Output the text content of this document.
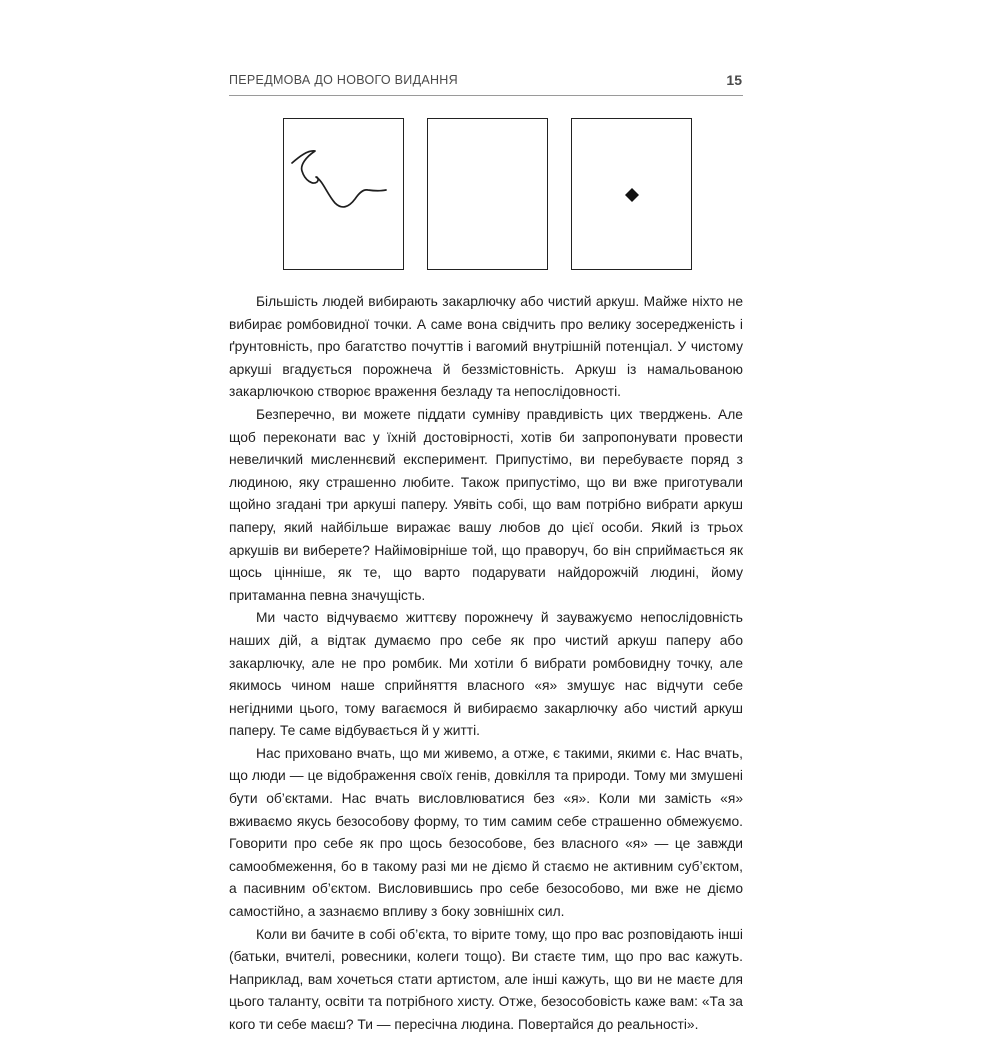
ПЕРЕДМОВА ДО НОВОГО ВИДАННЯ	15

Більшість людей вибирають закарлючку або чистий аркуш. Майже ніхто не вибирає ромбовидної точки. А саме вона свідчить про велику зосередженість і ґрунтовність, про багатство почуттів і вагомий внутрішній потенціал. У чистому аркуші вгадується порожнеча й беззмістовність. Аркуш із намальованою закарлючкою створює враження безладу та непослідовності.

Безперечно, ви можете піддати сумніву правдивість цих тверджень. Але щоб переконати вас у їхній достовірності, хотів би запропонувати провести невеличкий мисленнєвий експеримент. Припустімо, ви перебуваєте поряд з людиною, яку страшенно любите. Також припустімо, що ви вже приготували щойно згадані три аркуші паперу. Уявіть собі, що вам потрібно вибрати аркуш паперу, який найбільше виражає вашу любов до цієї особи. Який із трьох аркушів ви виберете? Найімовірніше той, що праворуч, бо він сприймається як щось цінніше, як те, що варто подарувати найдорожчій людині, йому притаманна певна значущість.

Ми часто відчуваємо життєву порожнечу й зауважуємо непослідовність наших дій, а відтак думаємо про себе як про чистий аркуш паперу або закарлючку, але не про ромбик. Ми хотіли б вибрати ромбовидну точку, але якимось чином наше сприйняття власного «я» змушує нас відчути себе негідними цього, тому вагаємося й вибираємо закарлючку або чистий аркуш паперу. Те саме відбувається й у житті.

Нас приховано вчать, що ми живемо, а отже, є такими, якими є. Нас вчать, що люди — це відображення своїх генів, довкілля та природи. Тому ми змушені бути об’єктами. Нас вчать висловлюватися без «я». Коли ми замість «я» вживаємо якусь безособову форму, то тим самим себе страшенно обмежуємо. Говорити про себе як про щось безособове, без власного «я» — це завжди самообмеження, бо в такому разі ми не діємо й стаємо не активним суб’єктом, а пасивним об’єктом. Висловившись про себе безособово, ми вже не діємо самостійно, а зазнаємо впливу з боку зовнішніх сил.

Коли ви бачите в собі об’єкта, то вірите тому, що про вас розповідають інші (батьки, вчителі, ровесники, колеги тощо). Ви стаєте тим, що про вас кажуть. Наприклад, вам хочеться стати артистом, але інші кажуть, що ви не маєте для цього таланту, освіти та потрібного хисту. Отже, безособовість каже вам: «Та за кого ти себе маєш? Ти — пересічна людина. Повертайся до реальності».
